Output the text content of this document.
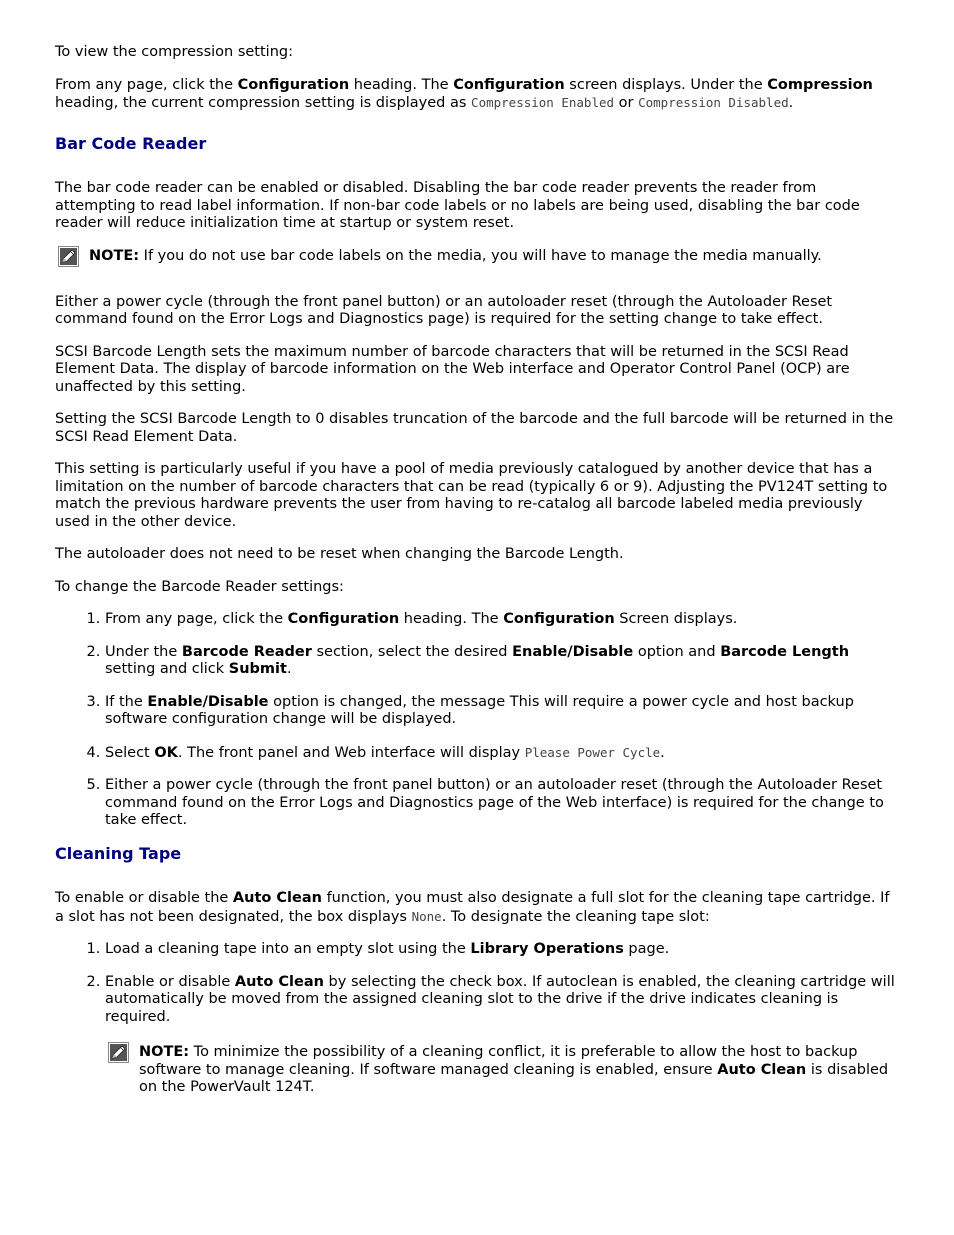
To view the compression setting:

From any page, click the Configuration heading. The Configuration screen displays. Under the Compression heading, the current compression setting is displayed as Compression Enabled or Compression Disabled.

Bar Code Reader

The bar code reader can be enabled or disabled. Disabling the bar code reader prevents the reader from attempting to read label information. If non-bar code labels or no labels are being used, disabling the bar code reader will reduce initialization time at startup or system reset.

NOTE: If you do not use bar code labels on the media, you will have to manage the media manually.

Either a power cycle (through the front panel button) or an autoloader reset (through the Autoloader Reset command found on the Error Logs and Diagnostics page) is required for the setting change to take effect.

SCSI Barcode Length sets the maximum number of barcode characters that will be returned in the SCSI Read Element Data. The display of barcode information on the Web interface and Operator Control Panel (OCP) are unaffected by this setting.

Setting the SCSI Barcode Length to 0 disables truncation of the barcode and the full barcode will be returned in the SCSI Read Element Data.

This setting is particularly useful if you have a pool of media previously catalogued by another device that has a limitation on the number of barcode characters that can be read (typically 6 or 9). Adjusting the PV124T setting to match the previous hardware prevents the user from having to re-catalog all barcode labeled media previously used in the other device.

The autoloader does not need to be reset when changing the Barcode Length.

To change the Barcode Reader settings:

1. From any page, click the Configuration heading. The Configuration Screen displays.
2. Under the Barcode Reader section, select the desired Enable/Disable option and Barcode Length setting and click Submit.
3. If the Enable/Disable option is changed, the message This will require a power cycle and host backup software configuration change will be displayed.
4. Select OK. The front panel and Web interface will display Please Power Cycle.
5. Either a power cycle (through the front panel button) or an autoloader reset (through the Autoloader Reset command found on the Error Logs and Diagnostics page of the Web interface) is required for the change to take effect.
Cleaning Tape

To enable or disable the Auto Clean function, you must also designate a full slot for the cleaning tape cartridge. If a slot has not been designated, the box displays None. To designate the cleaning tape slot:

1. Load a cleaning tape into an empty slot using the Library Operations page.
2. Enable or disable Auto Clean by selecting the check box. If autoclean is enabled, the cleaning cartridge will automatically be moved from the assigned cleaning slot to the drive if the drive indicates cleaning is required.
NOTE: To minimize the possibility of a cleaning conflict, it is preferable to allow the host to backup software to manage cleaning. If software managed cleaning is enabled, ensure Auto Clean is disabled on the PowerVault 124T.
